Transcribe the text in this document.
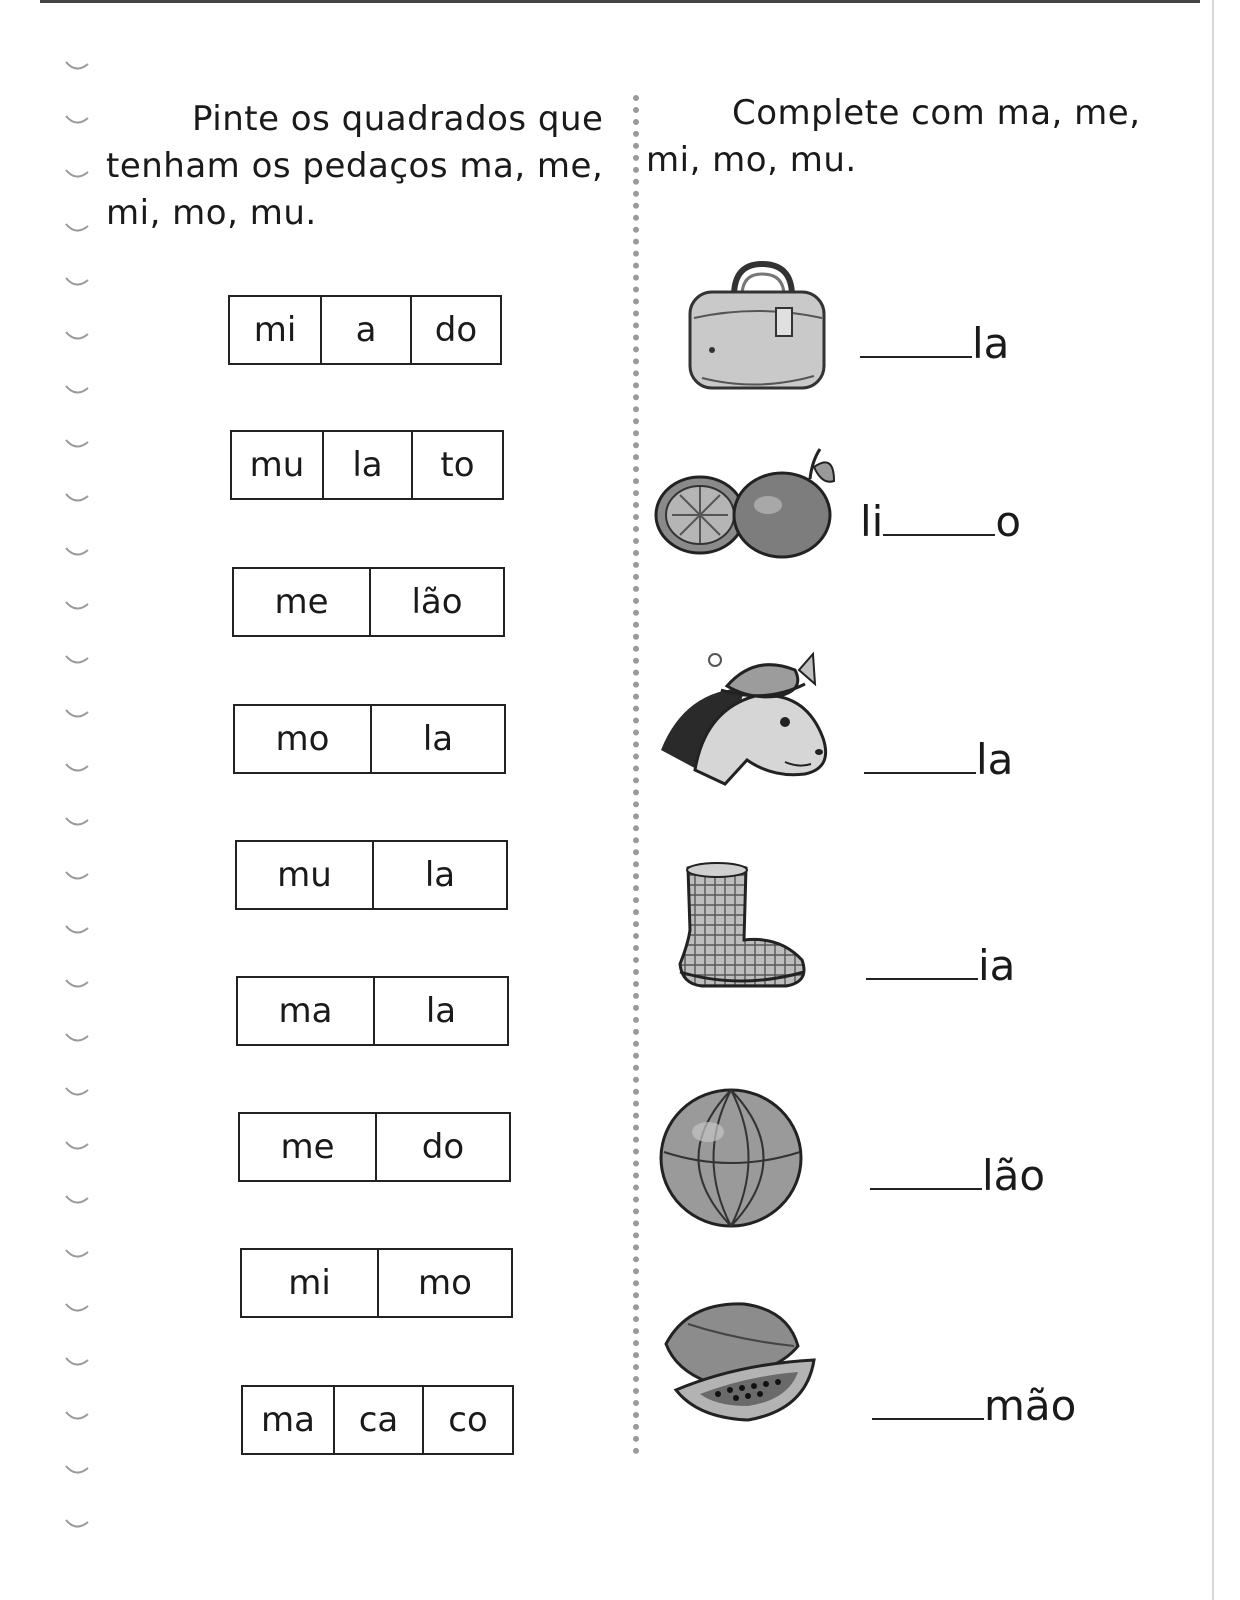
Pinte os quadrados que tenham os pedaços ma, me, mi, mo, mu.
Complete com ma, me, mi, mo, mu.
mi	a	do
mu	la	to
me	lão
mo	la
mu	la
ma	la
me	do
mi	mo
ma	ca	co
la
li	o
la
ia
lão
mão
